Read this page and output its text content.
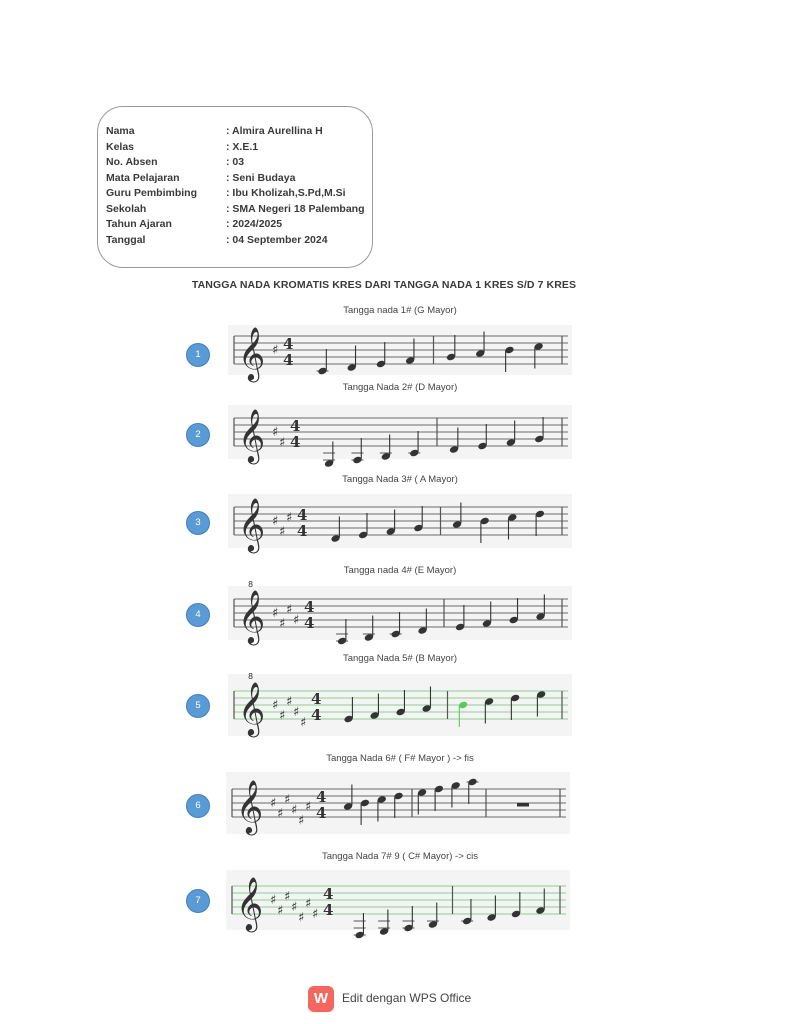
Nama	: Almira Aurellina H
Kelas	: X.E.1
No. Absen	: 03
Mata Pelajaran	: Seni Budaya
Guru Pembimbing	: Ibu Kholizah,S.Pd,M.Si
Sekolah	: SMA Negeri 18 Palembang
Tahun Ajaran	: 2024/2025
Tanggal	: 04 September 2024
TANGGA NADA KROMATIS KRES DARI TANGGA NADA 1 KRES S/D 7 KRES
Tangga nada 1# (G Mayor)
1 𝄞 ♯ 4
4
Tangga Nada 2# (D Mayor)
2 𝄞 ♯
♯
4
4
Tangga Nada 3# ( A Mayor)
3 𝄞 ♯
♯
♯ 4
4
Tangga nada 4# (E Mayor)
4 𝄞
8
♯
♯
♯
♯
4
4
Tangga Nada 5# (B Mayor)
5 𝄞
8
♯
♯
♯
♯
♯
4
4
Tangga Nada 6# ( F# Mayor ) -> fis
6 𝄞 ♯
♯
♯
♯
♯
♯
4
4
Tangga Nada 7# 9 ( C# Mayor) -> cis
7 𝄞 ♯
♯
♯
♯
♯
♯
♯
4
4
W	Edit dengan WPS Office
